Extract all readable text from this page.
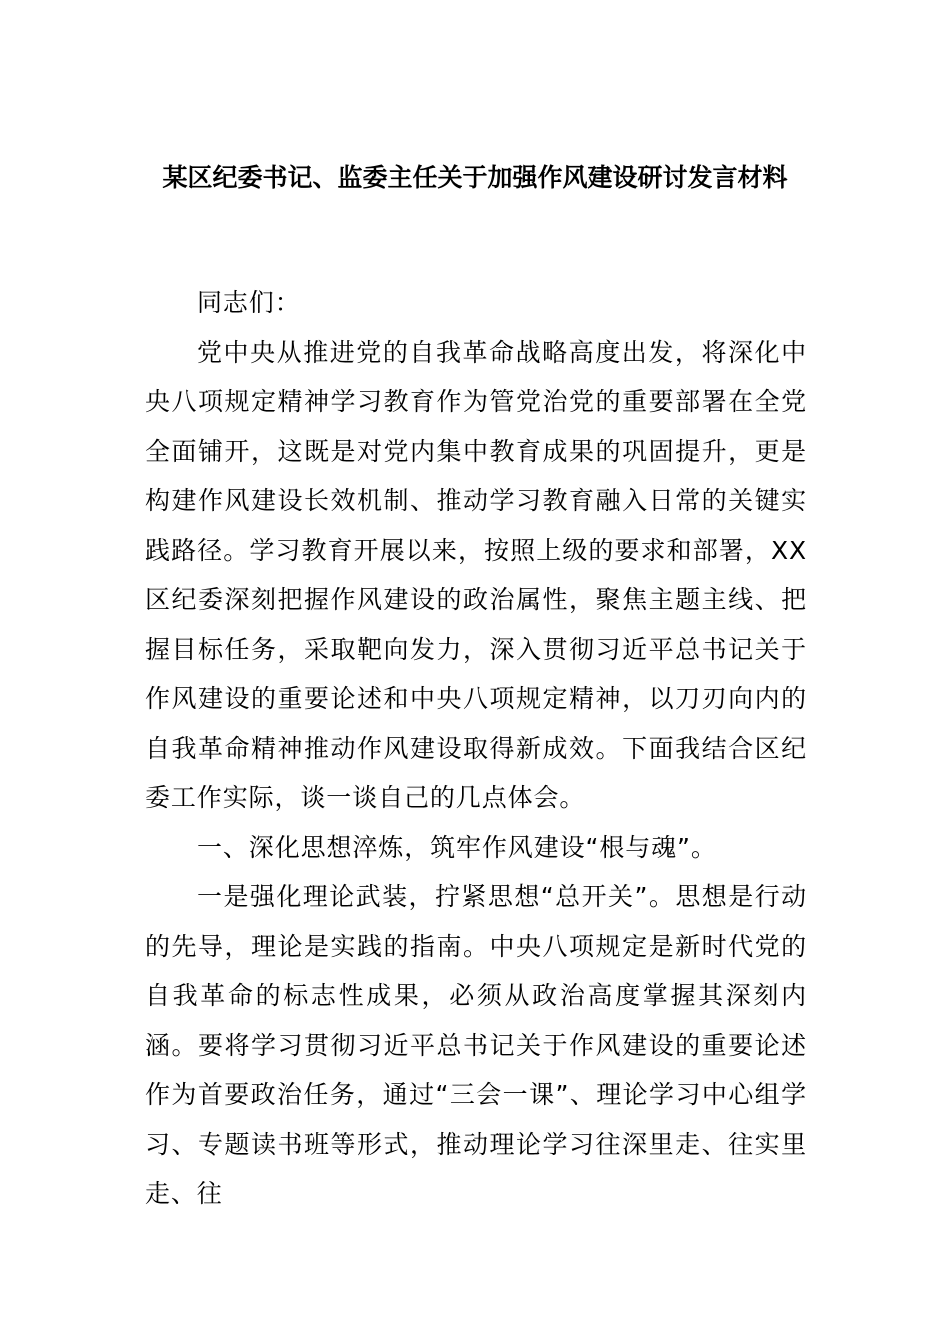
某区纪委书记、监委主任关于加强作风建设研讨发言材料

同志们：

党中央从推进党的自我革命战略高度出发，将深化中央八项规定精神学习教育作为管党治党的重要部署在全党全面铺开，这既是对党内集中教育成果的巩固提升，更是构建作风建设长效机制、推动学习教育融入日常的关键实践路径。学习教育开展以来，按照上级的要求和部署，XX区纪委深刻把握作风建设的政治属性，聚焦主题主线、把握目标任务，采取靶向发力，深入贯彻习近平总书记关于作风建设的重要论述和中央八项规定精神，以刀刃向内的自我革命精神推动作风建设取得新成效。下面我结合区纪委工作实际，谈一谈自己的几点体会。

一、深化思想淬炼，筑牢作风建设“根与魂”。

一是强化理论武装，拧紧思想“总开关”。思想是行动的先导，理论是实践的指南。中央八项规定是新时代党的自我革命的标志性成果，必须从政治高度掌握其深刻内涵。要将学习贯彻习近平总书记关于作风建设的重要论述作为首要政治任务，通过“三会一课”、理论学习中心组学习、专题读书班等形式，推动理论学习往深里走、往实里走、往
